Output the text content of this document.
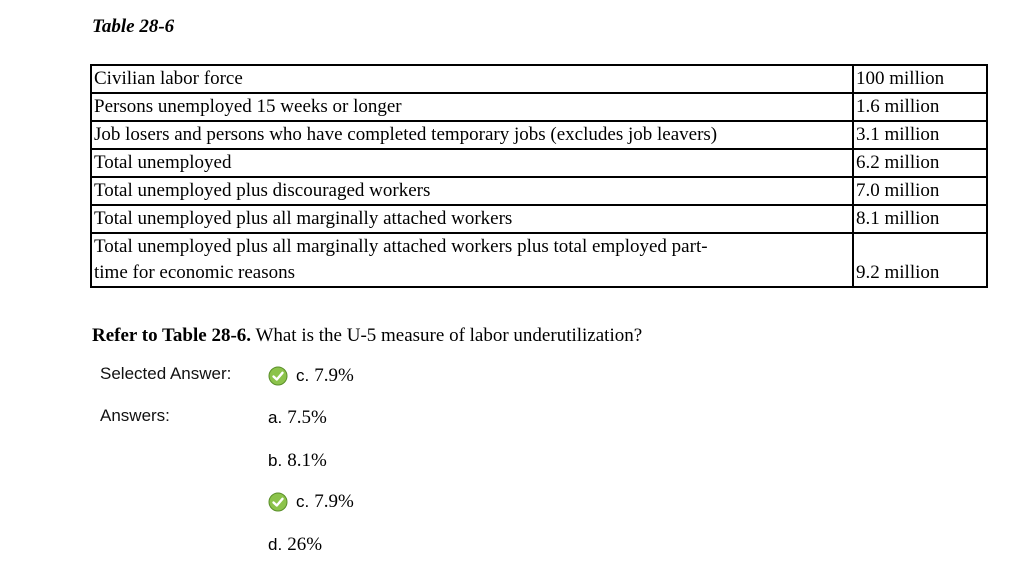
Table 28-6
Civilian labor force	100 million
Persons unemployed 15 weeks or longer	1.6 million
Job losers and persons who have completed temporary jobs (excludes job leavers)	3.1 million
Total unemployed	6.2 million
Total unemployed plus discouraged workers	7.0 million
Total unemployed plus all marginally attached workers	8.1 million

Total unemployed plus all marginally attached workers plus total employed part-
time for economic reasons	9.2 million
Refer to Table 28-6. What is the U-5 measure of labor underutilization?
Selected Answer:	c. 7.9%
Answers:	a. 7.5%
b. 8.1%
c. 7.9%
d. 26%
